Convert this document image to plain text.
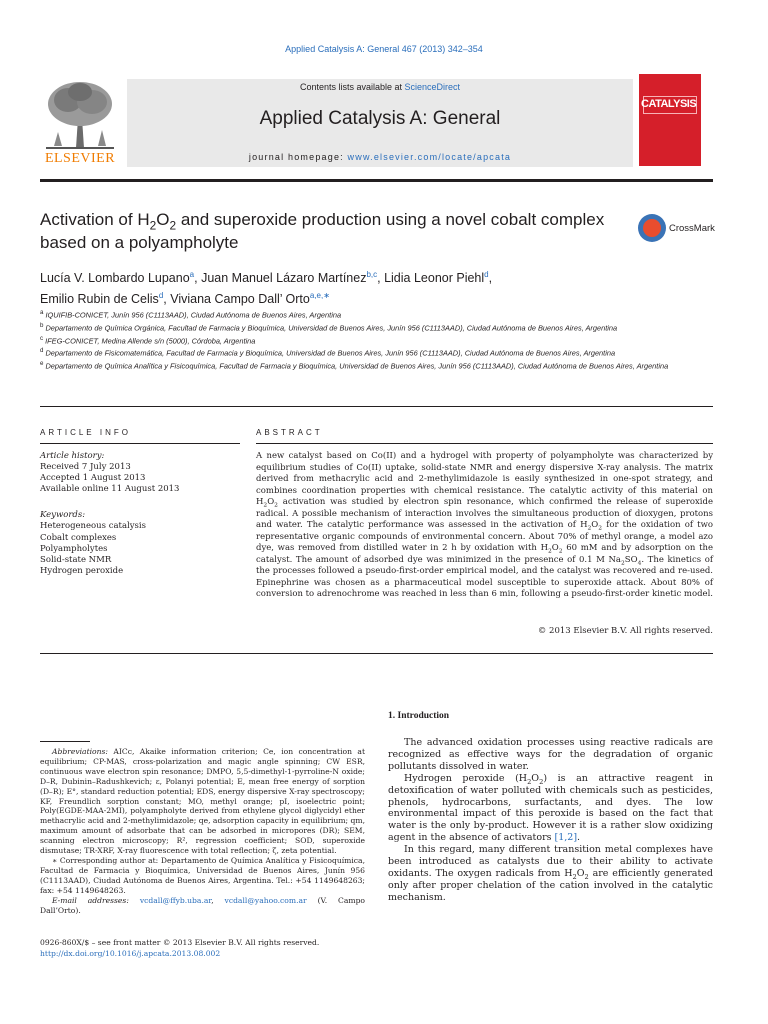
Applied Catalysis A: General 467 (2013) 342–354
ELSEVIER
Contents lists available at ScienceDirect
Applied Catalysis A: General
journal homepage: www.elsevier.com/locate/apcata
CATALYSIS
Activation of $H_2O_2$ and superoxide production using a novel cobalt complex based on a polyampholyte
CrossMark
Lucía V. Lombardo Lupano$^a$, Juan Manuel Lázaro Martínez$^{b,c}$, Lidia Leonor Piehl$^d$,
Emilio Rubin de Celis$^d$, Viviana Campo Dall’ Orto$^{a,e,∗}$
$^a$ IQUIFIB-CONICET, Junín 956 (C1113AAD), Ciudad Autónoma de Buenos Aires, Argentina
$^b$ Departamento de Química Orgánica, Facultad de Farmacia y Bioquímica, Universidad de Buenos Aires, Junín 956 (C1113AAD), Ciudad Autónoma de Buenos Aires, Argentina
$^c$ IFEG-CONICET, Medina Allende s/n (5000), Córdoba, Argentina
$^d$ Departamento de Fisicomatemática, Facultad de Farmacia y Bioquímica, Universidad de Buenos Aires, Junín 956 (C1113AAD), Ciudad Autónoma de Buenos Aires, Argentina
$^e$ Departamento de Química Analítica y Fisicoquímica, Facultad de Farmacia y Bioquímica, Universidad de Buenos Aires, Junín 956 (C1113AAD), Ciudad Autónoma de Buenos Aires, Argentina
ARTICLE INFO	ABSTRACT
Article history:
Received 7 July 2013
Accepted 1 August 2013
Available online 11 August 2013
Keywords:
Heterogeneous catalysis
Cobalt complexes
Polyampholytes
Solid-state NMR
Hydrogen peroxide
A new catalyst based on Co(II) and a hydrogel with property of polyampholyte was characterized by equilibrium studies of Co(II) uptake, solid-state NMR and energy dispersive X-ray analysis. The matrix derived from methacrylic acid and 2-methylimidazole is easily synthesized in one-spot strategy, and combines coordination properties with chemical resistance. The catalytic activity of this material on $H_2O_2$ activation was studied by electron spin resonance, which confirmed the release of superoxide radical. A possible mechanism of interaction involves the simultaneous production of dioxygen, protons and water. The catalytic performance was assessed in the activation of $H_2O_2$ for the oxidation of two representative organic compounds of environmental concern. About 70% of methyl orange, a model azo dye, was removed from distilled water in 2 h by oxidation with $H_2O_2$ 60 mM and by adsorption on the catalyst. The amount of adsorbed dye was minimized in the presence of 0.1 M $Na_2SO_4$. The kinetics of the processes followed a pseudo-first-order empirical model, and the catalyst was recovered and re-used. Epinephrine was chosen as a pharmaceutical model susceptible to superoxide attack. About 80% of conversion to adrenochrome was reached in less than 6 min, following a pseudo-first-order kinetic model.
© 2013 Elsevier B.V. All rights reserved.
1. Introduction

The advanced oxidation processes using reactive radicals are recognized as effective ways for the degradation of organic pollutants dissolved in water.

Hydrogen peroxide $(H_2O_2)$ is an attractive reagent in detoxification of water polluted with chemicals such as pesticides, phenols, hydrocarbons, surfactants, and dyes. The low environmental impact of this peroxide is based on the fact that water is the only by-product. However it is a rather slow oxidizing agent in the absence of activators [1,2].

In this regard, many different transition metal complexes have been introduced as catalysts due to their ability to activate oxidants. The oxygen radicals from $H_2O_2$ are efficiently generated only after proper chelation of the cation involved in the catalytic mechanism.

Abbreviations: AICc, Akaike information criterion; Ce, ion concentration at equilibrium; CP-MAS, cross-polarization and magic angle spinning; CW ESR, continuous wave electron spin resonance; DMPO, 5,5-dimethyl-1-pyrroline-N oxide; D–R, Dubinin–Radushkevich; ε, Polanyi potential; E, mean free energy of sorption (D–R); E°, standard reduction potential; EDS, energy dispersive X-ray spectroscopy; KF, Freundlich sorption constant; MO, methyl orange; pI, isoelectric point; Poly(EGDE-MAA-2MI), polyampholyte derived from ethylene glycol diglycidyl ether methacrylic acid and 2-methylimidazole; qe, adsorption capacity in equilibrium; qm, maximum amount of adsorbate that can be adsorbed in micropores (DR); SEM, scanning electron microscopy; R², regression coefficient; SOD, superoxide dismutase; TR-XRF, X-ray fluorescence with total reflection; ζ, zeta potential.

∗ Corresponding author at: Departamento de Química Analítica y Fisicoquímica, Facultad de Farmacia y Bioquímica, Universidad de Buenos Aires, Junín 956 (C1113AAD), Ciudad Autónoma de Buenos Aires, Argentina. Tel.: +54 1149648263; fax: +54 1149648263.

E-mail addresses: vcdall@ffyb.uba.ar, vcdall@yahoo.com.ar (V. Campo Dall’Orto).

0926-860X/$ – see front matter © 2013 Elsevier B.V. All rights reserved.
http://dx.doi.org/10.1016/j.apcata.2013.08.002
